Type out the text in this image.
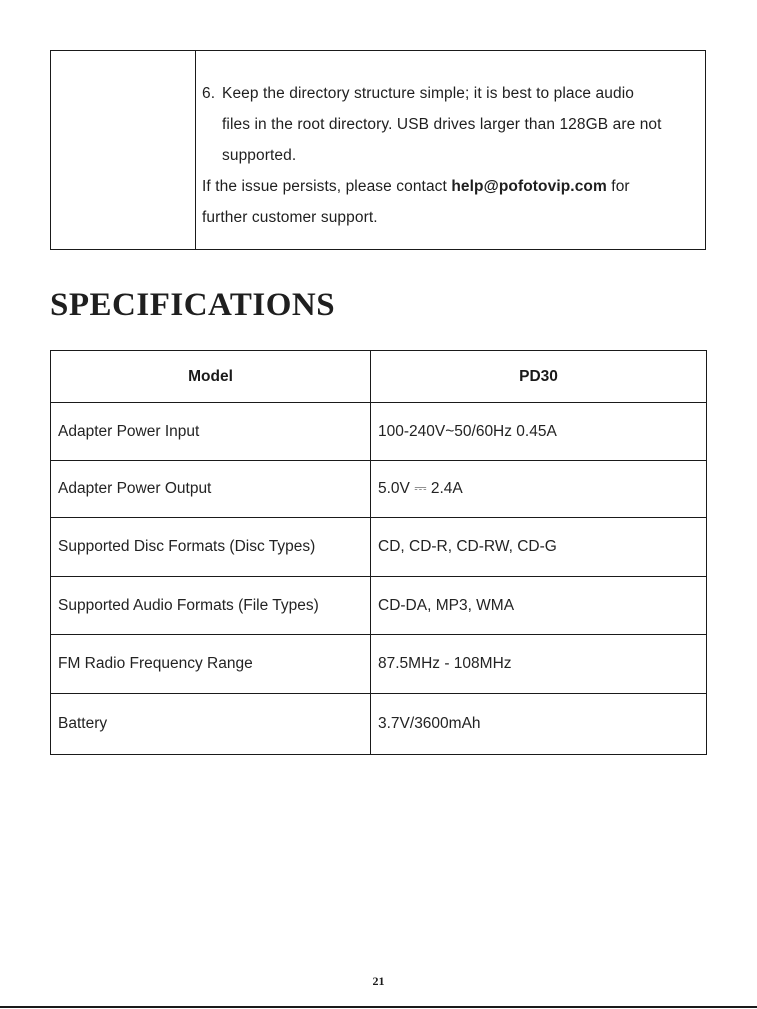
6. Keep the directory structure simple; it is best to place audio
files in the root directory. USB drives larger than 128GB are not
supported.
If the issue persists, please contact help@pofotovip.com for
further customer support.
SPECIFICATIONS
Model	PD30
Adapter Power Input	100-240V~50/60Hz 0.45A
Adapter Power Output	5.0V ⎓ 2.4A
Supported Disc Formats (Disc Types)	CD, CD-R, CD-RW, CD-G
Supported Audio Formats (File Types)	CD-DA, MP3, WMA
FM Radio Frequency Range	87.5MHz - 108MHz
Battery	3.7V/3600mAh
21
